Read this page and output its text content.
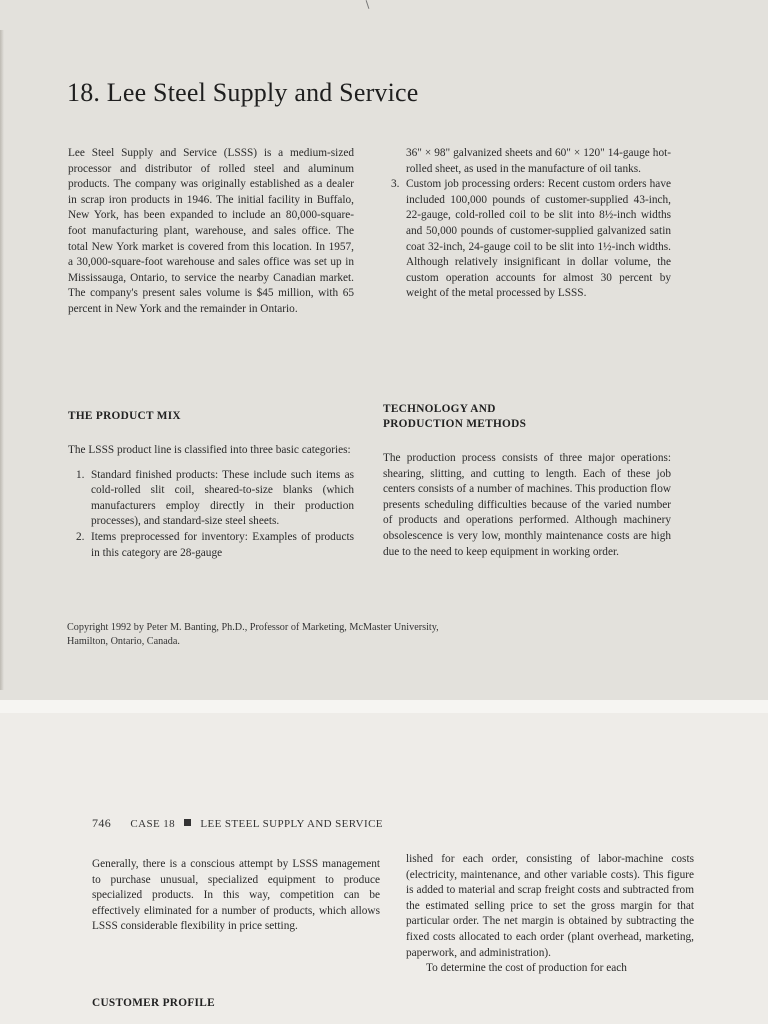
18. Lee Steel Supply and Service

Lee Steel Supply and Service (LSSS) is a medium-sized processor and distributor of rolled steel and aluminum products. The company was originally established as a dealer in scrap iron products in 1946. The initial facility in Buffalo, New York, has been expanded to include an 80,000-square-foot manufacturing plant, warehouse, and sales office. The total New York market is covered from this location. In 1957, a 30,000-square-foot warehouse and sales office was set up in Mississauga, Ontario, to service the nearby Canadian market. The company's present sales volume is $45 million, with 65 percent in New York and the remainder in Ontario.

THE PRODUCT MIX

The LSSS product line is classified into three basic categories:

1. Standard finished products: These include such items as cold-rolled slit coil, sheared-to-size blanks (which manufacturers employ directly in their production processes), and standard-size steel sheets.
2. Items preprocessed for inventory: Examples of products in this category are 28-gauge
36" × 98" galvanized sheets and 60" × 120" 14-gauge hot-rolled sheet, as used in the manufacture of oil tanks.
3. Custom job processing orders: Recent custom orders have included 100,000 pounds of customer-supplied 43-inch, 22-gauge, cold-rolled coil to be slit into 8½-inch widths and 50,000 pounds of customer-supplied galvanized satin coat 32-inch, 24-gauge coil to be slit into 1½-inch widths. Although relatively insignificant in dollar volume, the custom operation accounts for almost 30 percent by weight of the metal processed by LSSS.
TECHNOLOGY AND
PRODUCTION METHODS

The production process consists of three major operations: shearing, slitting, and cutting to length. Each of these job centers consists of a number of machines. This production flow presents scheduling difficulties because of the varied number of products and operations performed. Although machinery obsolescence is very low, monthly maintenance costs are high due to the need to keep equipment in working order.

Copyright 1992 by Peter M. Banting, Ph.D., Professor of Marketing, McMaster University,
Hamilton, Ontario, Canada.
746 CASE 18 LEE STEEL SUPPLY AND SERVICE

Generally, there is a conscious attempt by LSSS management to purchase unusual, specialized equipment to produce specialized products. In this way, competition can be effectively eliminated for a number of products, which allows LSSS considerable flexibility in price setting.

CUSTOMER PROFILE

lished for each order, consisting of labor-machine costs (electricity, maintenance, and other variable costs). This figure is added to material and scrap freight costs and subtracted from the estimated selling price to set the gross margin for that particular order. The net margin is obtained by subtracting the fixed costs allocated to each order (plant overhead, marketing, paperwork, and administration).

To determine the cost of production for each
